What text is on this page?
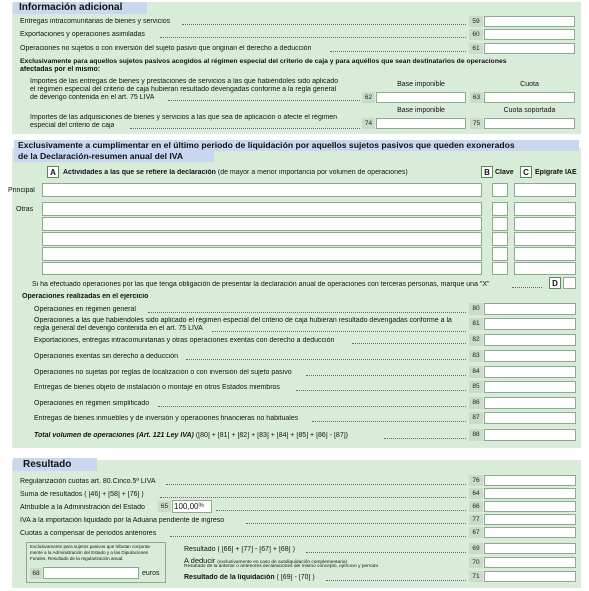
Información adicional
Entregas intracomunitarias de bienes y servicios	59
Exportaciones y operaciones asimiladas	60
Operaciones no sujetos o con inversión del sujeto pasivo que originan el derecho a deducción	61
Exclusivamente para aquellos sujetos pasivos acogidos al régimen especial del criterio de caja y para aquéllos que sean destinatarios de operaciones
afectadas por el mismo:
Importes de las entregas de bienes y prestaciones de servicios a las que habiéndoles sido aplicado
el régimen especial del criterio de caja hubieran resultado devengadas conforme a la regla general
de devengo contenida en el art. 75 LIVA
Base imponible	Cuota
62	63
Importes de las adquisiciones de bienes y servicios a las que sea de aplicación o afecte el régimen
especial del criterio de caja
Base imponible	Cuota soportada
74	75
Exclusivamente a cumplimentar en el último periodo de liquidación por aquellos sujetos pasivos que queden exonerados
de la Declaración-resumen anual del IVA
A	Actividades a las que se refiere la declaración (de mayor a menor importancia por volumen de operaciones)	B Clave	C Epígrafe IAE
Principal
Otras
Si ha efectuado operaciones por las que tenga obligación de presentar la declaración anual de operaciones con terceras personas, marque una "X"	D
Operaciones realizadas en el ejercicio
Operaciones en régimen general	80
Operaciones a las que habiéndoles sido aplicado el régimen especial del criterio de caja hubieran resultado devengadas conforme a la
regla general del devengo contenida en el art. 75 LIVA
81
Exportaciones, entregas intracomunitarias y otras operaciones exentas con derecho a deducción	82
Operaciones exentas sin derecho a deducción	83
Operaciones no sujetas por reglas de localización o con inversión del sujeto pasivo	84
Entregas de bienes objeto de instalación o montaje en otros Estados miembros	85
Operaciones en régimen simplificado	86
Entregas de bienes inmuebles y de inversión y operaciones financieras no habituales	87
Total volumen de operaciones (Art. 121 Ley IVA) ([80] + [81] + [82] + [83] + [84] + [85] + [86] - [87])	88
Resultado
Regularización cuotas art. 80.Cinco.5ª LIVA	76
Suma de resultados ( [46] + [58] + [76] )	64
Atribuible a la Administración del Estado	65 100,00%	66
IVA a la importación liquidado por la Aduana pendiente de ingreso	77
Cuotas a compensar de periodos anteriores	67
Exclusivamente para sujetos pasivos que tributan conjunta-
mente a la Administración del Estado y a las Diputaciones
Forales. Resultado de la regularización anual.
68	euros
Resultado ( [66] + [77] - [67] + [68] )	69
A deducir (exclusivamente en caso de autoliquidación complementaria)
Resultado de la anterior o anteriores declaraciones del mismo concepto, ejercicio y período
70
Resultado de la liquidación ( [69] - [70] )	71
